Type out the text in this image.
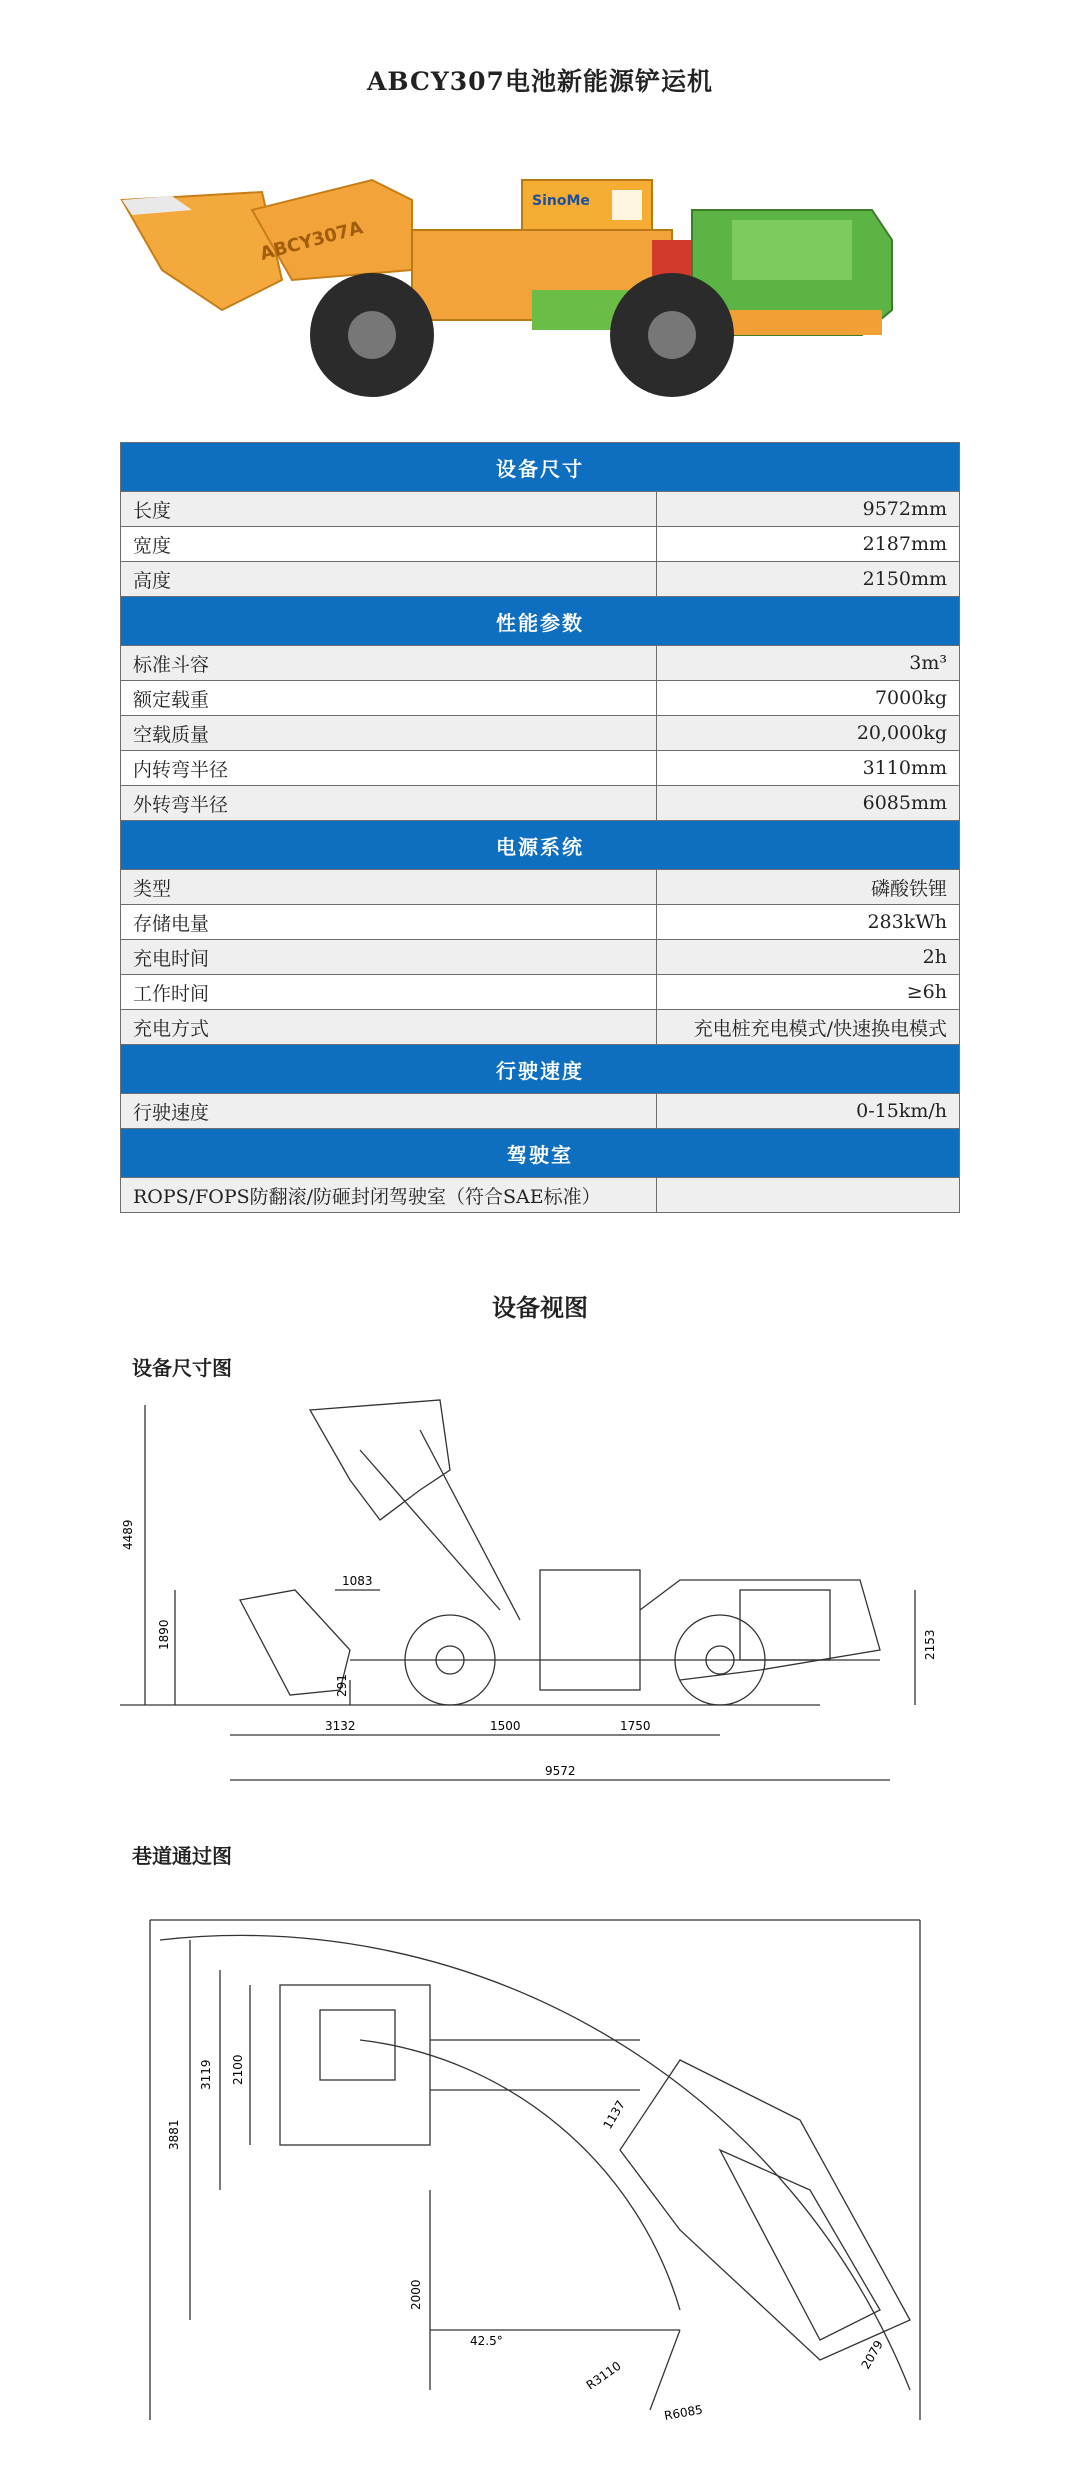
ABCY307电池新能源铲运机
ABCY307A
SinoMe
设备尺寸	
长度	9572mm
宽度	2187mm
高度	2150mm
性能参数	
标准斗容	3m³
额定载重	7000kg
空载质量	20,000kg
内转弯半径	3110mm
外转弯半径	6085mm
电源系统	
类型	磷酸铁锂
存储电量	283kWh
充电时间	2h
工作时间	≥6h
充电方式	充电桩充电模式/快速换电模式
行驶速度	
行驶速度	0-15km/h
驾驶室	
ROPS/FOPS防翻滚/防砸封闭驾驶室（符合SAE标准）	
设备视图
设备尺寸图
4489
1890
291
2153
1083
3132	1500	1750
9572
巷道通过图
3881
3119 2100
1137
2000
42.5°
R3110
R6085
2079
